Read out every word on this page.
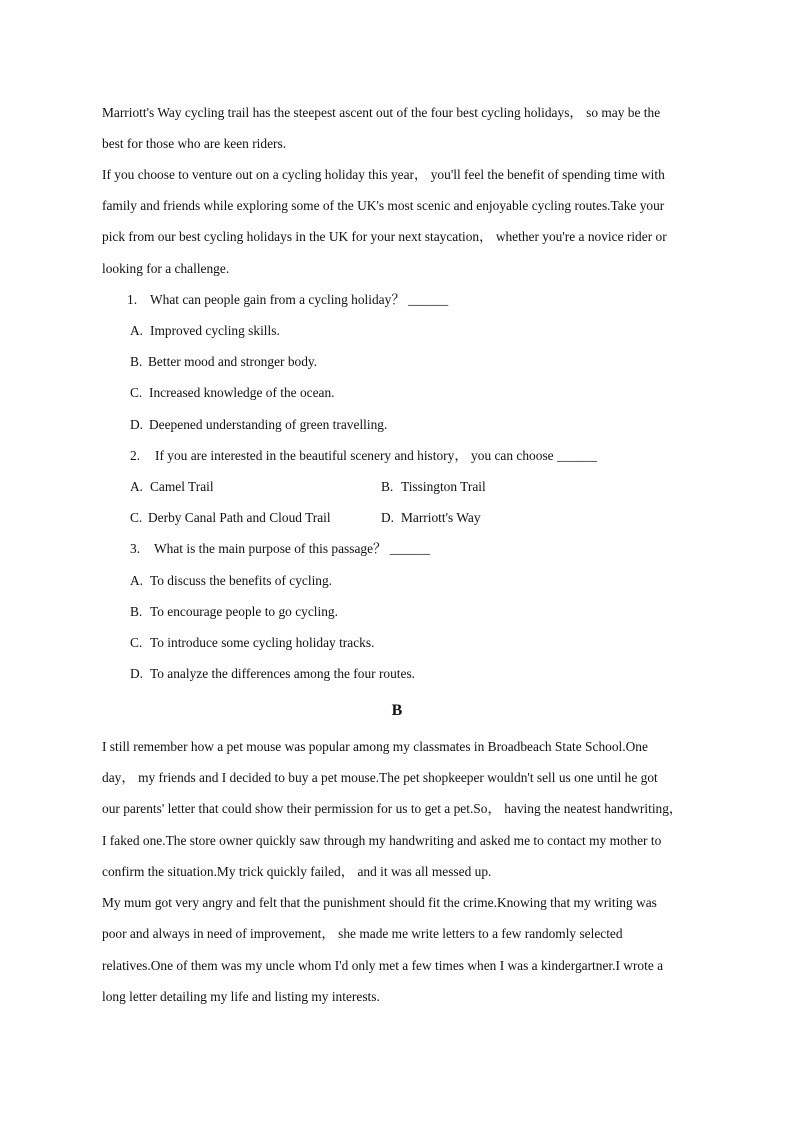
Marriott's Way cycling trail has the steepest ascent out of the four best cycling holidays， so may be the
best for those who are keen riders.
If you choose to venture out on a cycling holiday this year， you'll feel the benefit of spending time with
family and friends while exploring some of the UK's most scenic and enjoyable cycling routes.Take your
pick from our best cycling holidays in the UK for your next staycation， whether you're a novice rider or
looking for a challenge.
1. What can people gain from a cycling holiday？ ______
A. Improved cycling skills.
B. Better mood and stronger body.
C. Increased knowledge of the ocean.
D. Deepened understanding of green travelling.
2. If you are interested in the beautiful scenery and history， you can choose ______
A. Camel Trail	B. Tissington Trail
C. Derby Canal Path and Cloud Trail	D. Marriott's Way
3. What is the main purpose of this passage？ ______
A. To discuss the benefits of cycling.
B. To encourage people to go cycling.
C. To introduce some cycling holiday tracks.
D. To analyze the differences among the four routes.
B
I still remember how a pet mouse was popular among my classmates in Broadbeach State School.One
day， my friends and I decided to buy a pet mouse.The pet shopkeeper wouldn't sell us one until he got
our parents' letter that could show their permission for us to get a pet.So， having the neatest handwriting，
I faked one.The store owner quickly saw through my handwriting and asked me to contact my mother to
confirm the situation.My trick quickly failed， and it was all messed up.
My mum got very angry and felt that the punishment should fit the crime.Knowing that my writing was
poor and always in need of improvement， she made me write letters to a few randomly selected
relatives.One of them was my uncle whom I'd only met a few times when I was a kindergartner.I wrote a
long letter detailing my life and listing my interests.
